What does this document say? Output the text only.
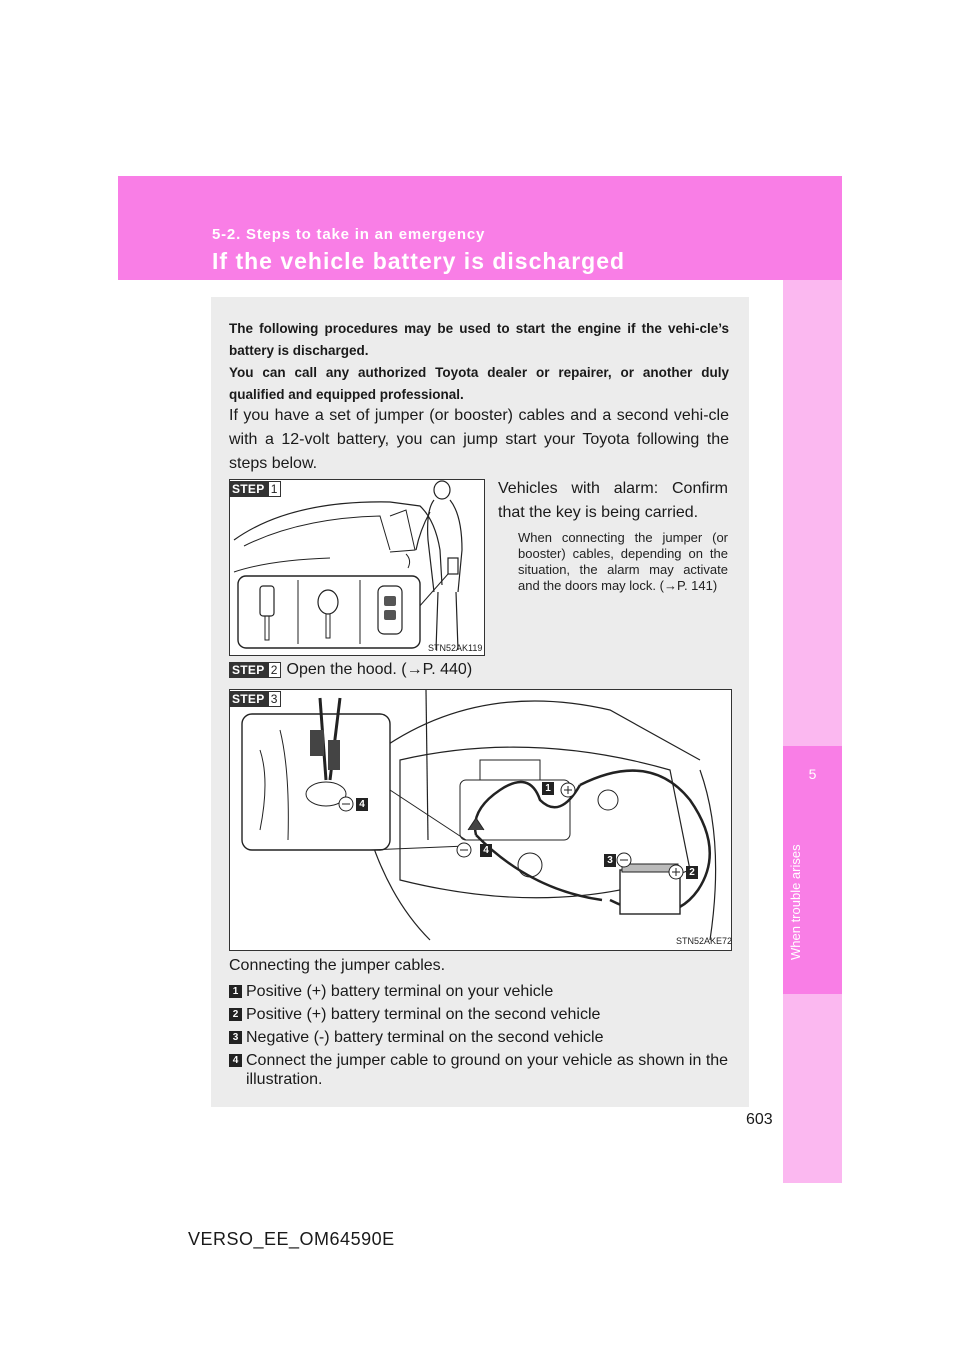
5-2. Steps to take in an emergency
If the vehicle battery is discharged
5
When trouble arises

The following procedures may be used to start the engine if the vehi-cle’s battery is discharged.

You can call any authorized Toyota dealer or repairer, or another duly qualified and equipped professional.

If you have a set of jumper (or booster) cables and a second vehi-cle with a 12-volt battery, you can jump start your Toyota following the steps below.
STN52AK119
STEP 1	Vehicles with alarm: Confirm that the key is being carried.
When connecting the jumper (or booster) cables, depending on the situation, the alarm may activate and the doors may lock. (→P. 141)
STEP 2 Open the hood. (→P. 440)
1
2
3
4
4
STN52AKE72
STEP 3
Connecting the jumper cables.
1 Positive (+) battery terminal on your vehicle
2 Positive (+) battery terminal on the second vehicle
3 Negative (-) battery terminal on the second vehicle
4 Connect the jumper cable to ground on your vehicle as shown in the illustration.
603
VERSO_EE_OM64590E
